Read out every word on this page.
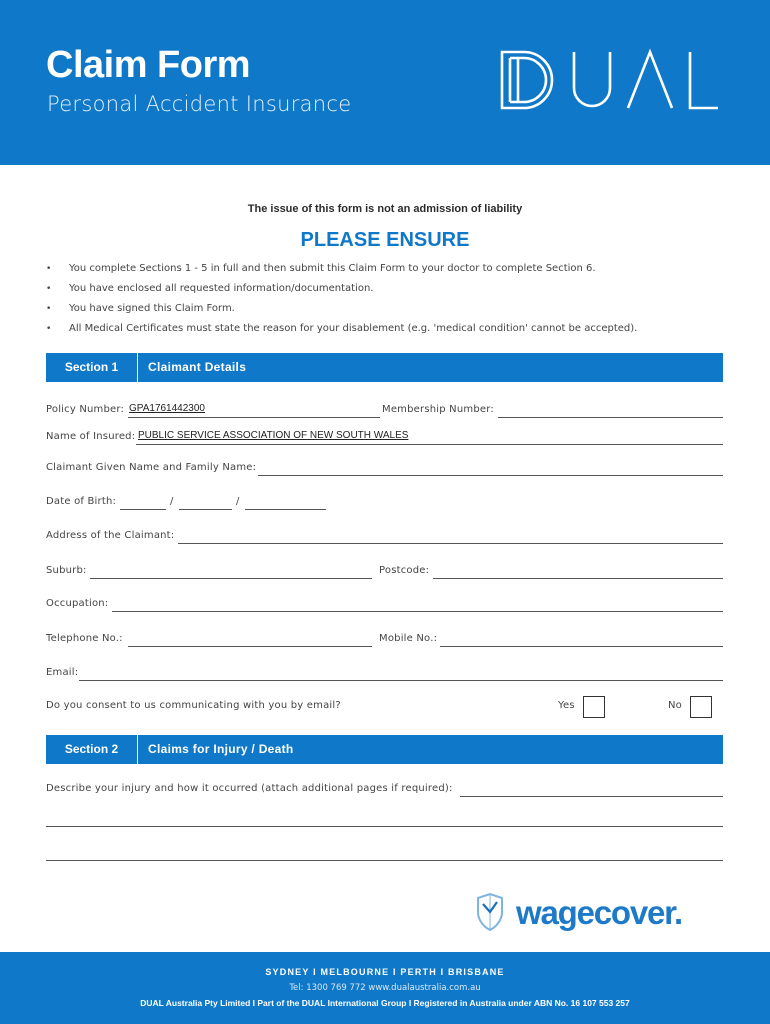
Claim Form
Personal Accident Insurance
The issue of this form is not an admission of liability
PLEASE ENSURE
• You complete Sections 1 - 5 in full and then submit this Claim Form to your doctor to complete Section 6.
• You have enclosed all requested information/documentation.
• You have signed this Claim Form.
• All Medical Certificates must state the reason for your disablement (e.g. 'medical condition' cannot be accepted).
Section 1	Claimant Details
Policy Number: GPA1761442300	Membership Number:
Name of Insured: PUBLIC SERVICE ASSOCIATION OF NEW SOUTH WALES
Claimant Given Name and Family Name:
Date of Birth:	/	/
Address of the Claimant:
Suburb:	Postcode:
Occupation:
Telephone No.:	Mobile No.:
Email:
Do you consent to us communicating with you by email?	Yes	No
Section 2	Claims for Injury / Death
Describe your injury and how it occurred (attach additional pages if required):
wagecover.
SYDNEY I MELBOURNE I PERTH I BRISBANE
Tel: 1300 769 772 www.dualaustralia.com.au
DUAL Australia Pty Limited I Part of the DUAL International Group I Registered in Australia under ABN No. 16 107 553 257
